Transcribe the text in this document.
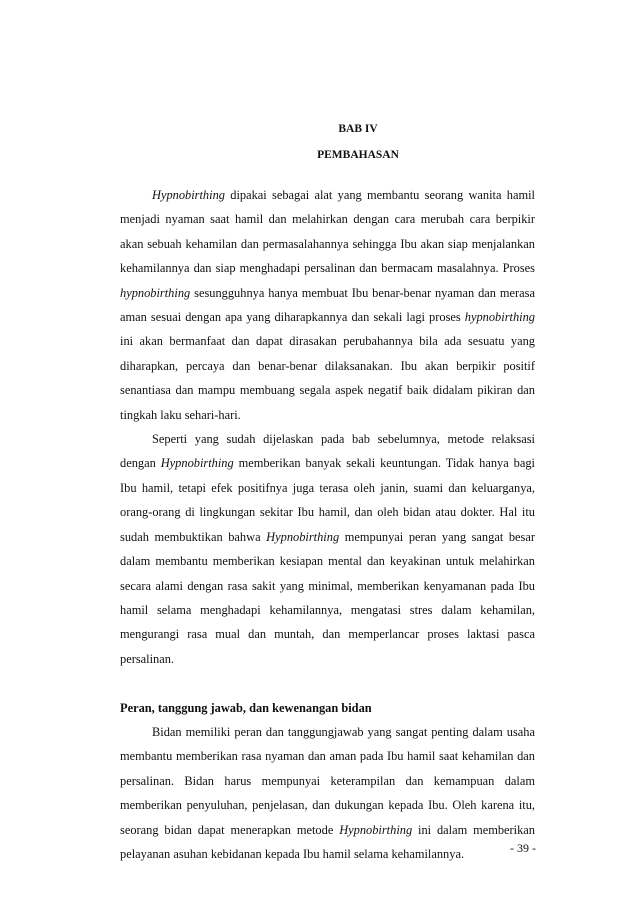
BAB IV
PEMBAHASAN

Hypnobirthing dipakai sebagai alat yang membantu seorang wanita hamil menjadi nyaman saat hamil dan melahirkan dengan cara merubah cara berpikir akan sebuah kehamilan dan permasalahannya sehingga Ibu akan siap menjalankan kehamilannya dan siap menghadapi persalinan dan bermacam masalahnya. Proses hypnobirthing sesungguhnya hanya membuat Ibu benar-benar nyaman dan merasa aman sesuai dengan apa yang diharapkannya dan sekali lagi proses hypnobirthing ini akan bermanfaat dan dapat dirasakan perubahannya bila ada sesuatu yang diharapkan, percaya dan benar-benar dilaksanakan. Ibu akan berpikir positif senantiasa dan mampu membuang segala aspek negatif baik didalam pikiran dan tingkah laku sehari-hari.

Seperti yang sudah dijelaskan pada bab sebelumnya, metode relaksasi dengan Hypnobirthing memberikan banyak sekali keuntungan. Tidak hanya bagi Ibu hamil, tetapi efek positifnya juga terasa oleh janin, suami dan keluarganya, orang-orang di lingkungan sekitar Ibu hamil, dan oleh bidan atau dokter. Hal itu sudah membuktikan bahwa Hypnobirthing mempunyai peran yang sangat besar dalam membantu memberikan kesiapan mental dan keyakinan untuk melahirkan secara alami dengan rasa sakit yang minimal, memberikan kenyamanan pada Ibu hamil selama menghadapi kehamilannya, mengatasi stres dalam kehamilan, mengurangi rasa mual dan muntah, dan memperlancar proses laktasi pasca persalinan.

Peran, tanggung jawab, dan kewenangan bidan

Bidan memiliki peran dan tanggungjawab yang sangat penting dalam usaha membantu memberikan rasa nyaman dan aman pada Ibu hamil saat kehamilan dan persalinan. Bidan harus mempunyai keterampilan dan kemampuan dalam memberikan penyuluhan, penjelasan, dan dukungan kepada Ibu. Oleh karena itu, seorang bidan dapat menerapkan metode Hypnobirthing ini dalam memberikan pelayanan asuhan kebidanan kepada Ibu hamil selama kehamilannya.	- 39 -
